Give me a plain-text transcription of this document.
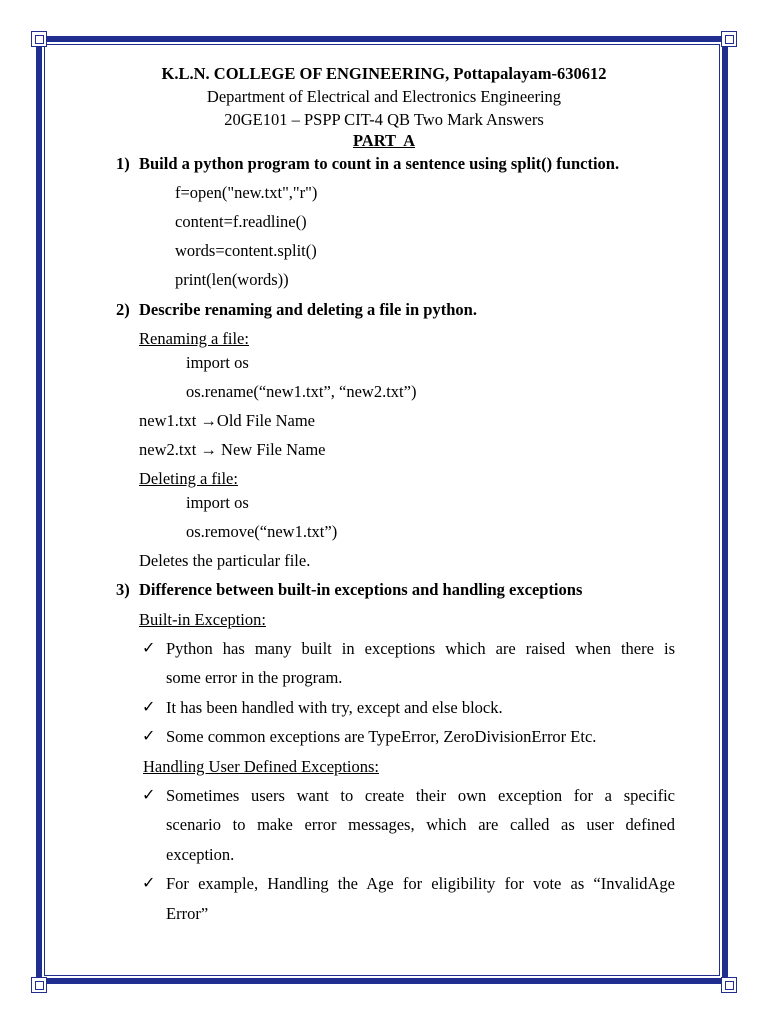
K.L.N. COLLEGE OF ENGINEERING, Pottapalayam-630612
Department of Electrical and Electronics Engineering
20GE101 – PSPP CIT-4 QB Two Mark Answers
PART  A
1) Build a python program to count in a sentence using split() function.
f=open("new.txt","r")
content=f.readline()
words=content.split()
print(len(words))
2) Describe renaming and deleting a file in python.
Renaming a file:
import os
os.rename(“new1.txt”, “new2.txt”)
new1.txt →Old File Name
new2.txt → New File Name
Deleting a file:
import os
os.remove(“new1.txt”)
Deletes the particular file.
3) Difference between built-in exceptions and handling exceptions
Built-in Exception:
✓ Python has many built in exceptions which are raised when there is
some error in the program.
✓ It has been handled with try, except and else block.
✓ Some common exceptions are TypeError, ZeroDivisionError Etc.
Handling User Defined Exceptions:
✓ Sometimes users want to create their own exception for a specific
scenario to make error messages, which are called as user defined
exception.
✓ For example, Handling the Age for eligibility for vote as “InvalidAge
Error”
